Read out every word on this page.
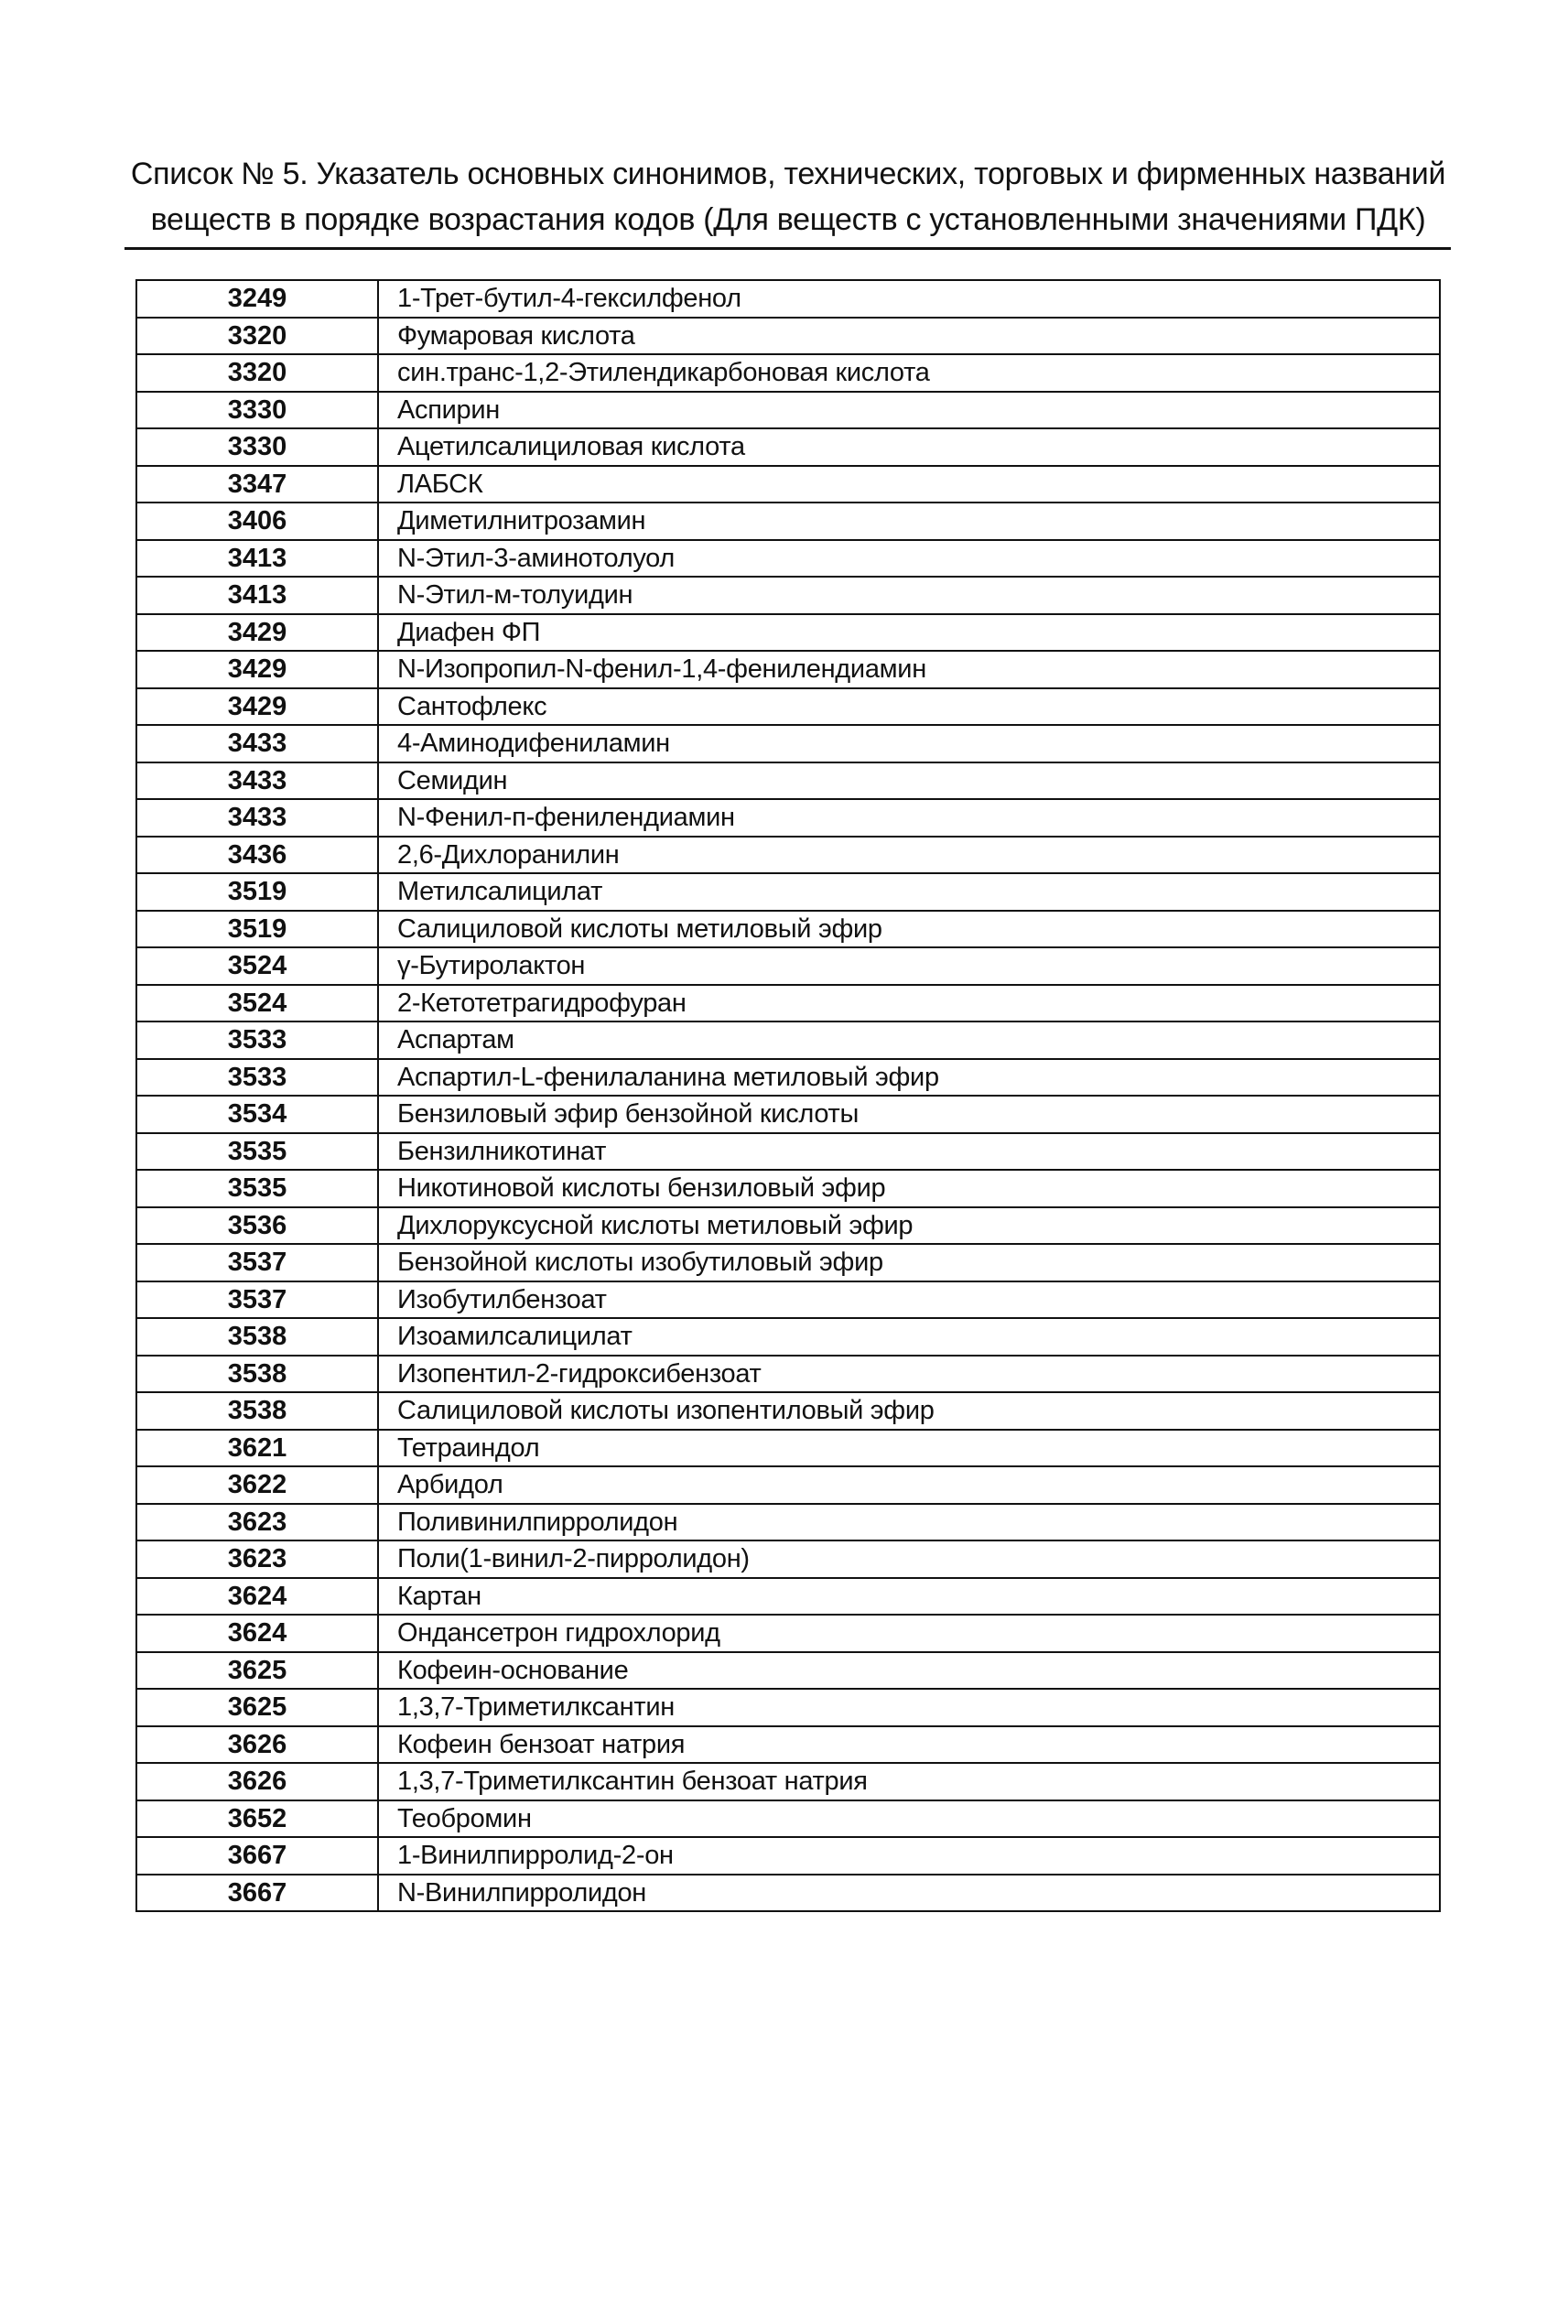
Список № 5. Указатель основных синонимов, технических, торговых и фирменных названий
веществ в порядке возрастания кодов (Для веществ с установленными значениями ПДК)
3249	1-Трет-бутил-4-гексилфенол
3320	Фумаровая кислота
3320	син.транс-1,2-Этилендикарбоновая кислота
3330	Аспирин
3330	Ацетилсалициловая кислота
3347	ЛАБСК
3406	Диметилнитрозамин
3413	N-Этил-3-аминотолуол
3413	N-Этил-м-толуидин
3429	Диафен ФП
3429	N-Изопропил-N-фенил-1,4-фенилендиамин
3429	Сантофлекс
3433	4-Аминодифениламин
3433	Семидин
3433	N-Фенил-п-фенилендиамин
3436	2,6-Дихлоранилин
3519	Метилсалицилат
3519	Салициловой кислоты метиловый эфир
3524	γ-Бутиролактон
3524	2-Кетотетрагидрофуран
3533	Аспартам
3533	Аспартил-L-фенилаланина метиловый эфир
3534	Бензиловый эфир бензойной кислоты
3535	Бензилникотинат
3535	Никотиновой кислоты бензиловый эфир
3536	Дихлоруксусной кислоты метиловый эфир
3537	Бензойной кислоты изобутиловый эфир
3537	Изобутилбензоат
3538	Изоамилсалицилат
3538	Изопентил-2-гидроксибензоат
3538	Салициловой кислоты изопентиловый эфир
3621	Тетраиндол
3622	Арбидол
3623	Поливинилпирролидон
3623	Поли(1-винил-2-пирролидон)
3624	Картан
3624	Ондансетрон гидрохлорид
3625	Кофеин-основание
3625	1,3,7-Триметилксантин
3626	Кофеин бензоат натрия
3626	1,3,7-Триметилксантин бензоат натрия
3652	Теобромин
3667	1-Винилпирролид-2-он
3667	N-Винилпирролидон
